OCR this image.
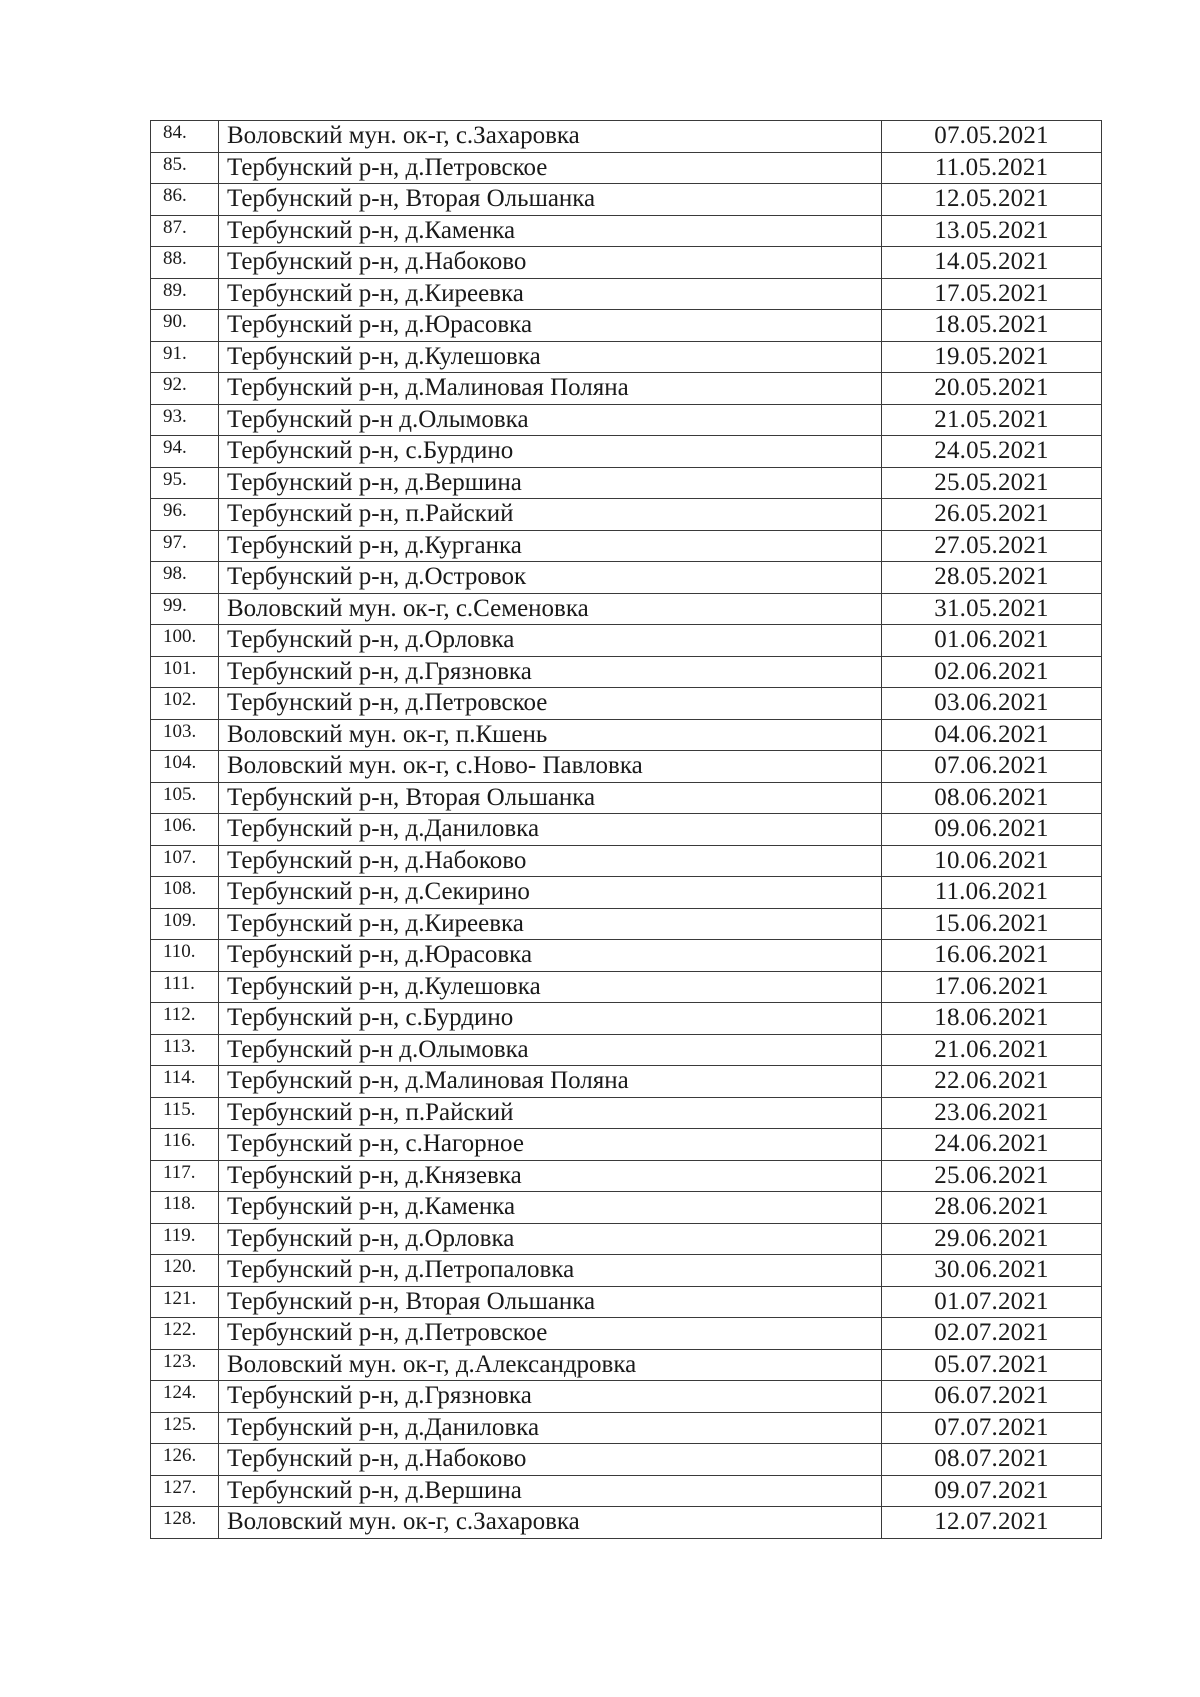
84.	Воловский мун. ок-г, с.Захаровка	07.05.2021
85.	Тербунский р-н, д.Петровское	11.05.2021
86.	Тербунский р-н, Вторая Ольшанка	12.05.2021
87.	Тербунский р-н, д.Каменка	13.05.2021
88.	Тербунский р-н, д.Набоково	14.05.2021
89.	Тербунский р-н, д.Киреевка	17.05.2021
90.	Тербунский р-н, д.Юрасовка	18.05.2021
91.	Тербунский р-н, д.Кулешовка	19.05.2021
92.	Тербунский р-н, д.Малиновая Поляна	20.05.2021
93.	Тербунский р-н д.Олымовка	21.05.2021
94.	Тербунский р-н, с.Бурдино	24.05.2021
95.	Тербунский р-н, д.Вершина	25.05.2021
96.	Тербунский р-н, п.Райский	26.05.2021
97.	Тербунский р-н, д.Курганка	27.05.2021
98.	Тербунский р-н, д.Островок	28.05.2021
99.	Воловский мун. ок-г, с.Семеновка	31.05.2021
100.	Тербунский р-н, д.Орловка	01.06.2021
101.	Тербунский р-н, д.Грязновка	02.06.2021
102.	Тербунский р-н, д.Петровское	03.06.2021
103.	Воловский мун. ок-г, п.Кшень	04.06.2021
104.	Воловский мун. ок-г, с.Ново- Павловка	07.06.2021
105.	Тербунский р-н, Вторая Ольшанка	08.06.2021
106.	Тербунский р-н, д.Даниловка	09.06.2021
107.	Тербунский р-н, д.Набоково	10.06.2021
108.	Тербунский р-н, д.Секирино	11.06.2021
109.	Тербунский р-н, д.Киреевка	15.06.2021
110.	Тербунский р-н, д.Юрасовка	16.06.2021
111.	Тербунский р-н, д.Кулешовка	17.06.2021
112.	Тербунский р-н, с.Бурдино	18.06.2021
113.	Тербунский р-н д.Олымовка	21.06.2021
114.	Тербунский р-н, д.Малиновая Поляна	22.06.2021
115.	Тербунский р-н, п.Райский	23.06.2021
116.	Тербунский р-н, с.Нагорное	24.06.2021
117.	Тербунский р-н, д.Князевка	25.06.2021
118.	Тербунский р-н, д.Каменка	28.06.2021
119.	Тербунский р-н, д.Орловка	29.06.2021
120.	Тербунский р-н, д.Петропаловка	30.06.2021
121.	Тербунский р-н, Вторая Ольшанка	01.07.2021
122.	Тербунский р-н, д.Петровское	02.07.2021
123.	Воловский мун. ок-г, д.Александровка	05.07.2021
124.	Тербунский р-н, д.Грязновка	06.07.2021
125.	Тербунский р-н, д.Даниловка	07.07.2021
126.	Тербунский р-н, д.Набоково	08.07.2021
127.	Тербунский р-н, д.Вершина	09.07.2021
128.	Воловский мун. ок-г, с.Захаровка	12.07.2021
